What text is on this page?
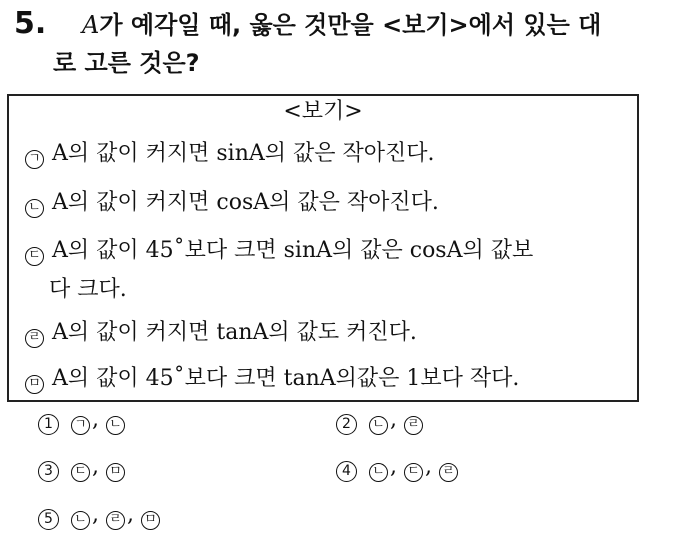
5. A가 예각일 때, 옳은 것만을 <보기>에서 있는 대
로 고른 것은?
<보기>
ㄱ A의 값이 커지면 sinA의 값은 작아진다.
ㄴ A의 값이 커지면 cosA의 값은 작아진다.
ㄷ A의 값이 45˚보다 크면 sinA의 값은 cosA의 값보
다 크다.
ㄹ A의 값이 커지면 tanA의 값도 커진다.
ㅁ A의 값이 45˚보다 크면 tanA의값은 1보다 작다.
1 ㄱ , ㄴ	2 ㄴ , ㄹ
3 ㄷ , ㅁ	4 ㄴ , ㄷ , ㄹ
5 ㄴ , ㄹ , ㅁ
